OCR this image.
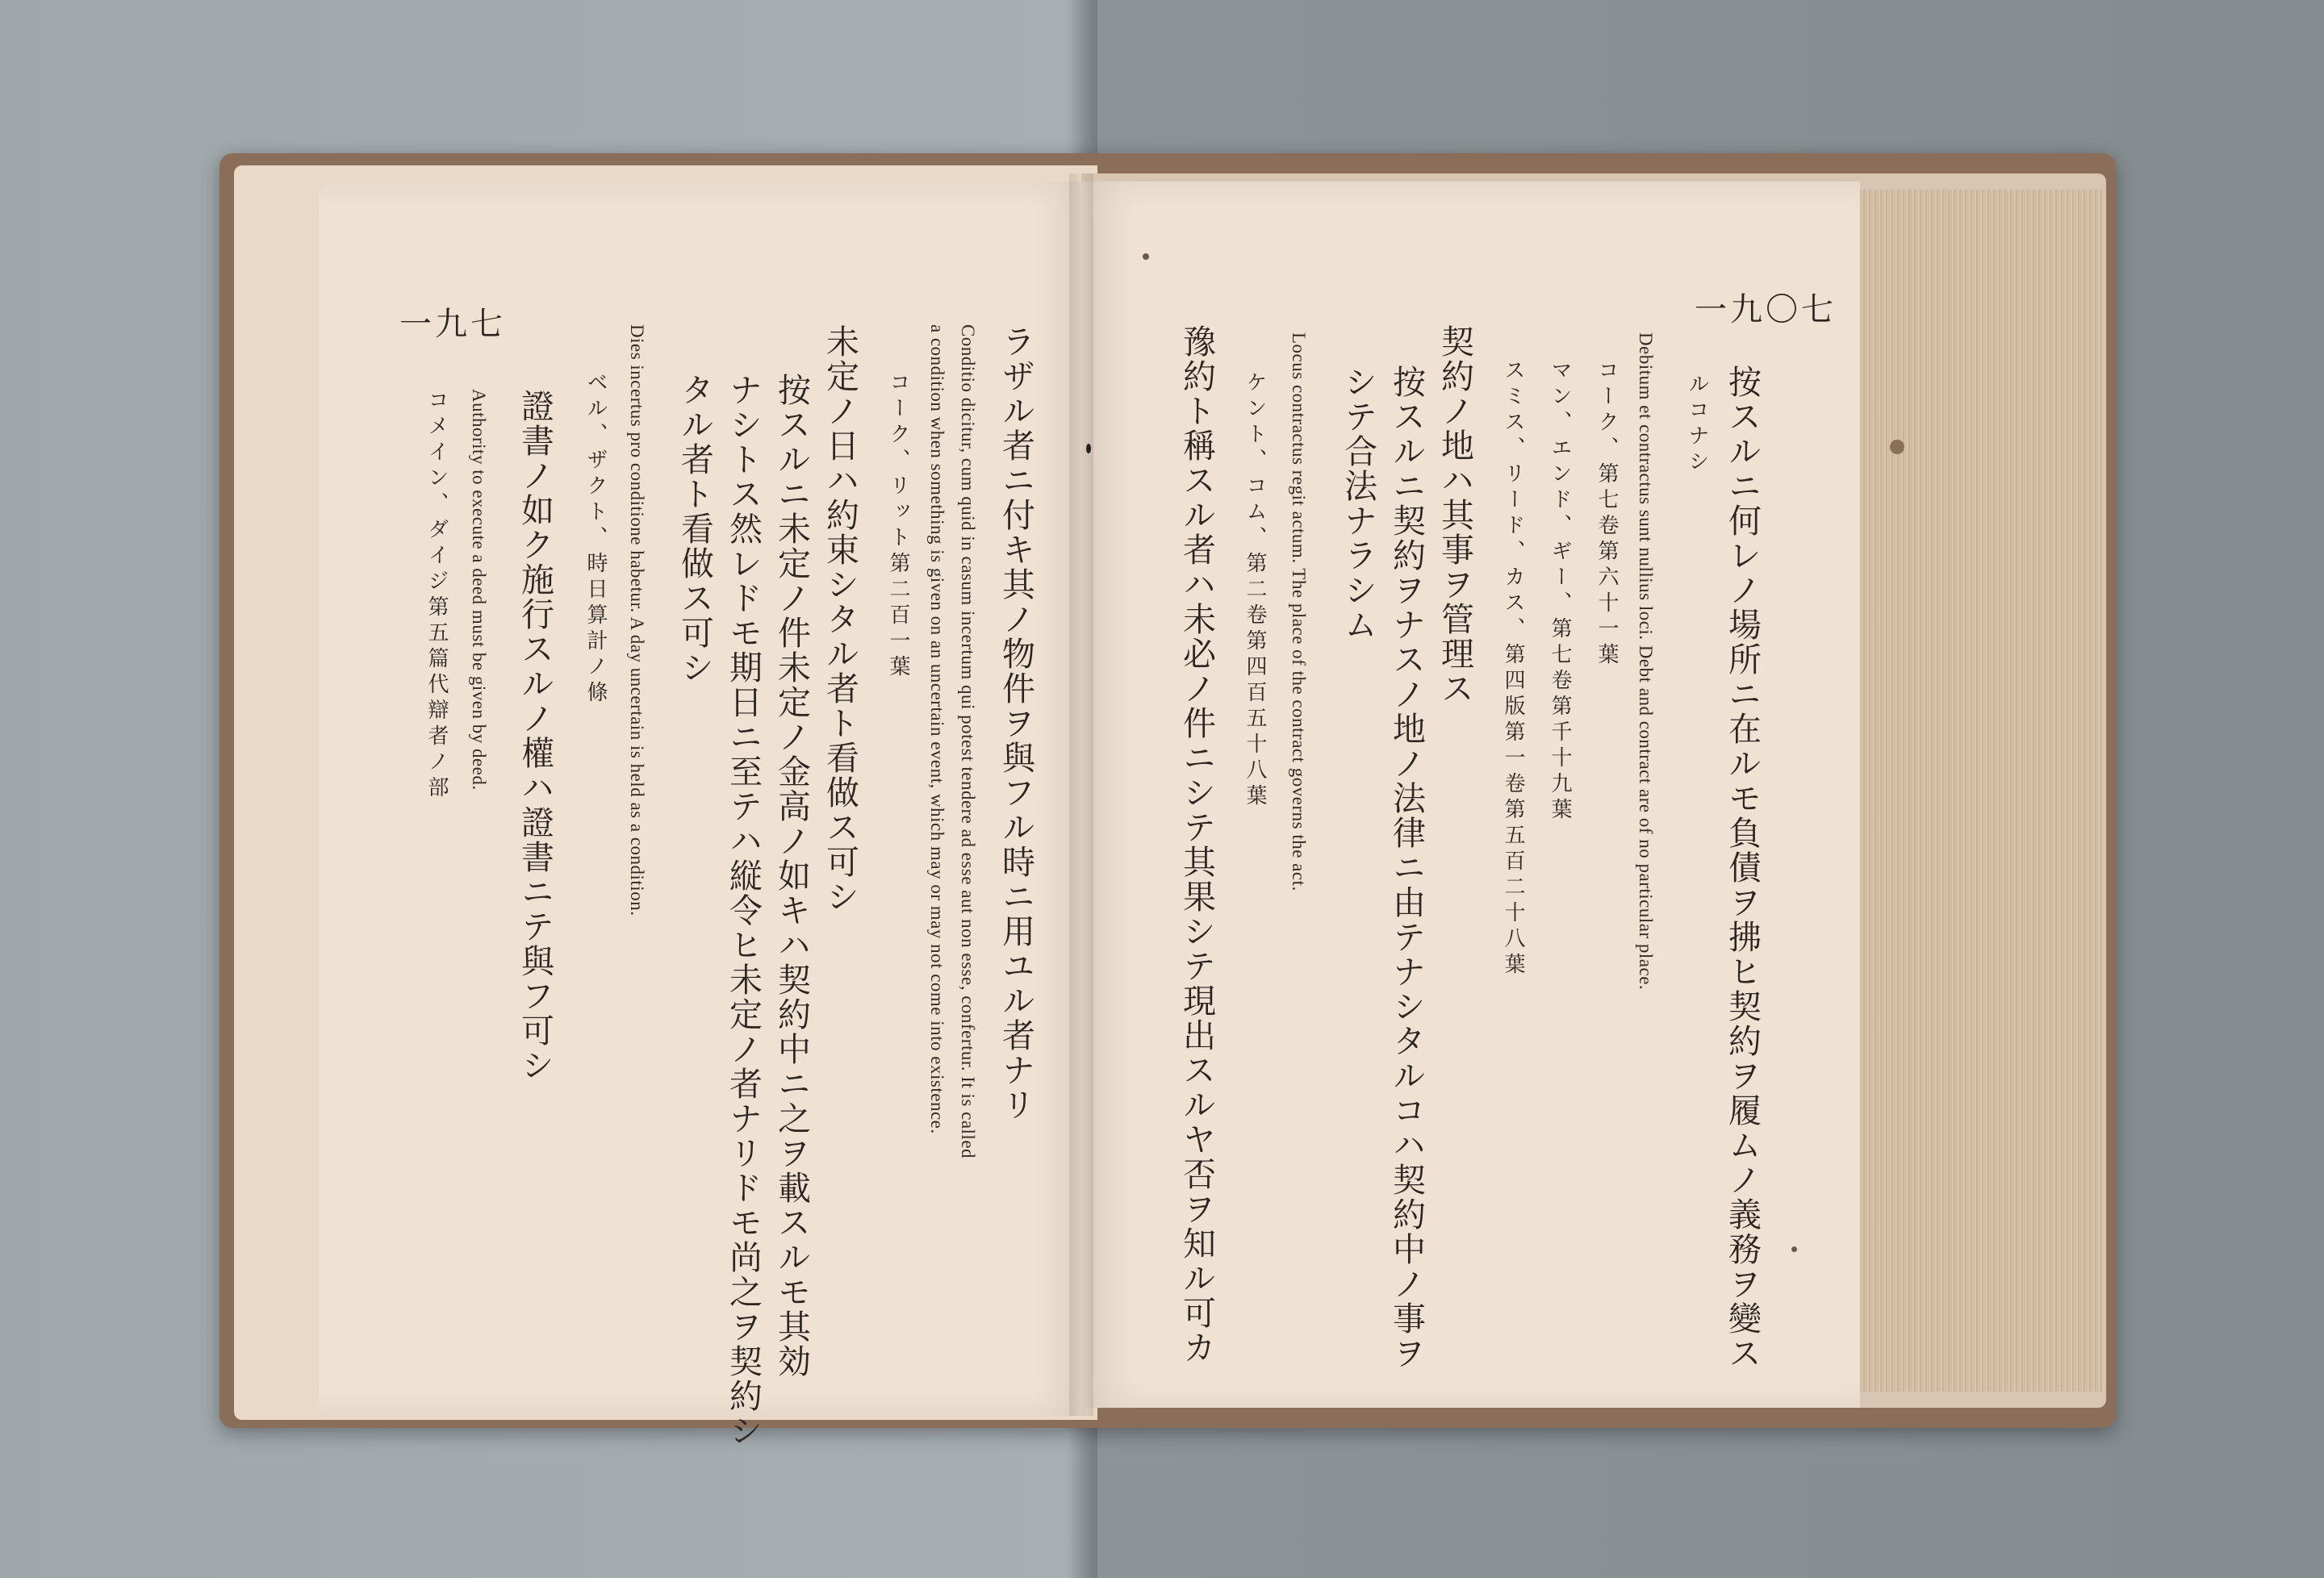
一九七	一九〇七
ラザル者ニ付キ其ノ物件ヲ與フル時ニ用ユル者ナリ
Conditio dicitur, cum quid in casum incertum qui potest tendere ad esse aut non esse, confertur. It is called
a condition when something is given on an uncertain event, which may or may not come into existence.
コーク、リット第二百一葉
未定ノ日ハ約束シタル者ト看做ス可シ
按スルニ未定ノ件未定ノ金高ノ如キハ契約中ニ之ヲ載スルモ其効
ナシトス然レドモ期日ニ至テハ縦令ヒ未定ノ者ナリドモ尚之ヲ契約シ
タル者ト看做ス可シ
Dies incertus pro conditione habetur. A day uncertain is held as a condition.
ベル、ザクト、時日算計ノ條
證書ノ如ク施行スルノ權ハ證書ニテ與フ可シ
Authority to execute a deed must be given by deed.
コメイン、ダイジ第五篇代辯者ノ部	按スルニ何レノ場所ニ在ルモ負債ヲ拂ヒ契約ヲ履ムノ義務ヲ變ス
ルコナシ
Debitum et contractus sunt nullius loci. Debt and contract are of no particular place.
コーク、第七卷第六十一葉
マン、エンド、ギー、第七卷第千十九葉
スミス、リード、カス、第四版第一卷第五百二十八葉
契約ノ地ハ其事ヲ管理ス
按スルニ契約ヲナスノ地ノ法律ニ由テナシタルコハ契約中ノ事ヲ
シテ合法ナラシム
Locus contractus regit actum. The place of the contract governs the act.
ケント、コム、第二卷第四百五十八葉
豫約ト稱スル者ハ未必ノ件ニシテ其果シテ現出スルヤ否ヲ知ル可カ
